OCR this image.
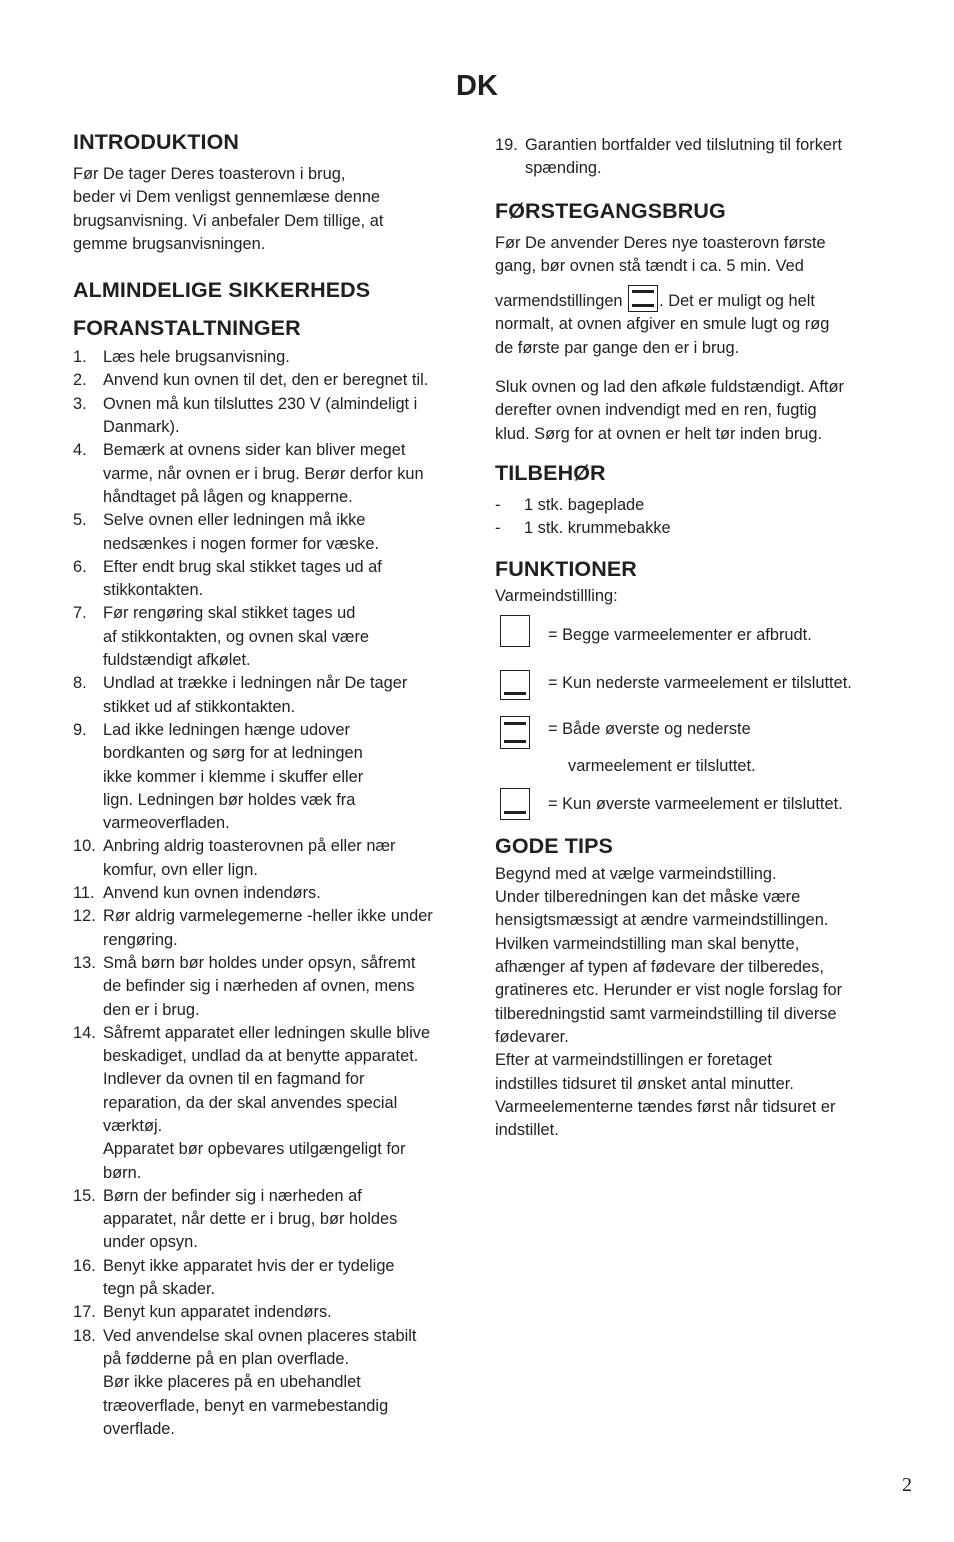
DK
INTRODUKTION

Før De tager Deres toasterovn i brug,
beder vi Dem venligst gennemlæse denne
brugsanvisning. Vi anbefaler Dem tillige, at
gemme brugsanvisningen.

ALMINDELIGE SIKKERHEDS
FORANSTALTNINGER
1. Læs hele brugsanvisning.
2. Anvend kun ovnen til det, den er beregnet til.
3. Ovnen må kun tilsluttes 230 V (almindeligt i
Danmark).
4. Bemærk at ovnens sider kan bliver meget
varme, når ovnen er i brug. Berør derfor kun
håndtaget på lågen og knapperne.
5. Selve ovnen eller ledningen må ikke
nedsænkes i nogen former for væske.
6. Efter endt brug skal stikket tages ud af
stikkontakten.
7. Før rengøring skal stikket tages ud
af stikkontakten, og ovnen skal være
fuldstændigt afkølet.
8. Undlad at trække i ledningen når De tager
stikket ud af stikkontakten.
9. Lad ikke ledningen hænge udover
bordkanten og sørg for at ledningen
ikke kommer i klemme i skuffer eller
lign. Ledningen bør holdes væk fra
varmeoverfladen.
10. Anbring aldrig toasterovnen på eller nær
komfur, ovn eller lign.
11. Anvend kun ovnen indendørs.
12. Rør aldrig varmelegemerne -heller ikke under
rengøring.
13. Små børn bør holdes under opsyn, såfremt
de befinder sig i nærheden af ovnen, mens
den er i brug.
14. Såfremt apparatet eller ledningen skulle blive
beskadiget, undlad da at benytte apparatet.
Indlever da ovnen til en fagmand for
reparation, da der skal anvendes special
værktøj.
Apparatet bør opbevares utilgængeligt for
børn.
15. Børn der befinder sig i nærheden af
apparatet, når dette er i brug, bør holdes
under opsyn.
16. Benyt ikke apparatet hvis der er tydelige
tegn på skader.
17. Benyt kun apparatet indendørs.
18. Ved anvendelse skal ovnen placeres stabilt
på fødderne på en plan overflade.
Bør ikke placeres på en ubehandlet
træoverflade, benyt en varmebestandig
overflade.
19. Garantien bortfalder ved tilslutning til forkert
spænding.
FØRSTEGANGSBRUG

Før De anvender Deres nye toasterovn første
gang, bør ovnen stå tændt i ca. 5 min. Ved
varmendstillingen . Det er muligt og helt
normalt, at ovnen afgiver en smule lugt og røg
de første par gange den er i brug.

Sluk ovnen og lad den afkøle fuldstændigt. Aftør
derefter ovnen indvendigt med en ren, fugtig
klud. Sørg for at ovnen er helt tør inden brug.

TILBEHØR
- 1 stk. bageplade
- 1 stk. krummebakke
FUNKTIONER

Varmeindstillling:

= Begge varmeelementer er afbrudt.
= Kun nederste varmeelement er tilsluttet.
= Både øverste og nederste
varmeelement er tilsluttet.
= Kun øverste varmeelement er tilsluttet.
GODE TIPS

Begynd med at vælge varmeindstilling.
Under tilberedningen kan det måske være
hensigtsmæssigt at ændre varmeindstillingen.
Hvilken varmeindstilling man skal benytte,
afhænger af typen af fødevare der tilberedes,
gratineres etc. Herunder er vist nogle forslag for
tilberedningstid samt varmeindstilling til diverse
fødevarer.
Efter at varmeindstillingen er foretaget
indstilles tidsuret til ønsket antal minutter.
Varmeelementerne tændes først når tidsuret er
indstillet.

2
